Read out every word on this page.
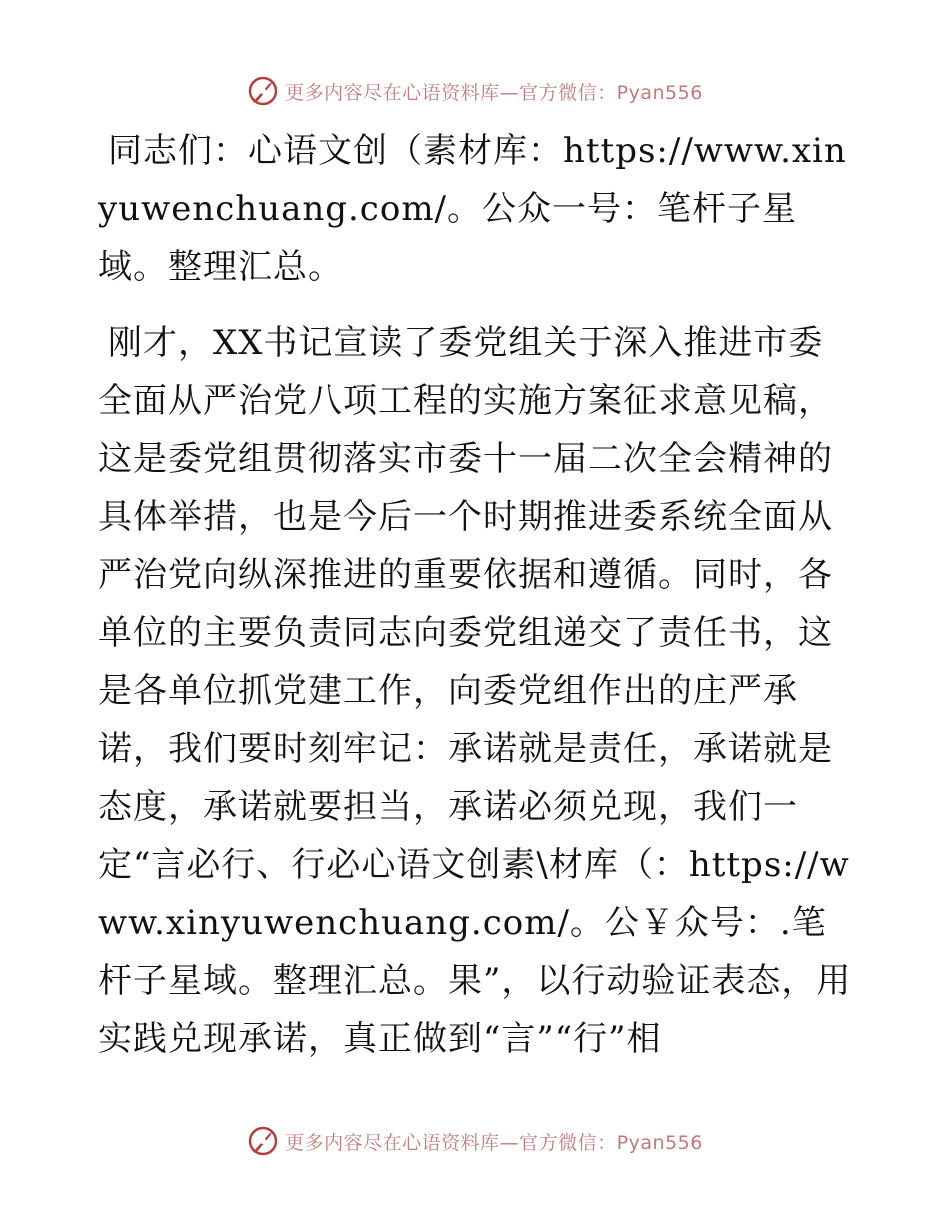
更多内容尽在心语资料库—官方微信：Pyan556

同志们：心语文创（素材库：https://www.xinyuwenchuang.com/。公众一号：笔杆子星域。整理汇总。

刚才，XX书记宣读了委党组关于深入推进市委全面从严治党八项工程的实施方案征求意见稿，这是委党组贯彻落实市委十一届二次全会精神的具体举措，也是今后一个时期推进委系统全面从严治党向纵深推进的重要依据和遵循。同时，各单位的主要负责同志向委党组递交了责任书，这是各单位抓党建工作，向委党组作出的庄严承诺，我们要时刻牢记：承诺就是责任，承诺就是态度，承诺就要担当，承诺必须兑现，我们一定“言必行、行必心语文创素\材库（：https://www.xinyuwenchuang.com/。公￥众号：.笔杆子星域。整理汇总。果”，以行动验证表态，用实践兑现承诺，真正做到“言”“行”相

更多内容尽在心语资料库—官方微信：Pyan556
